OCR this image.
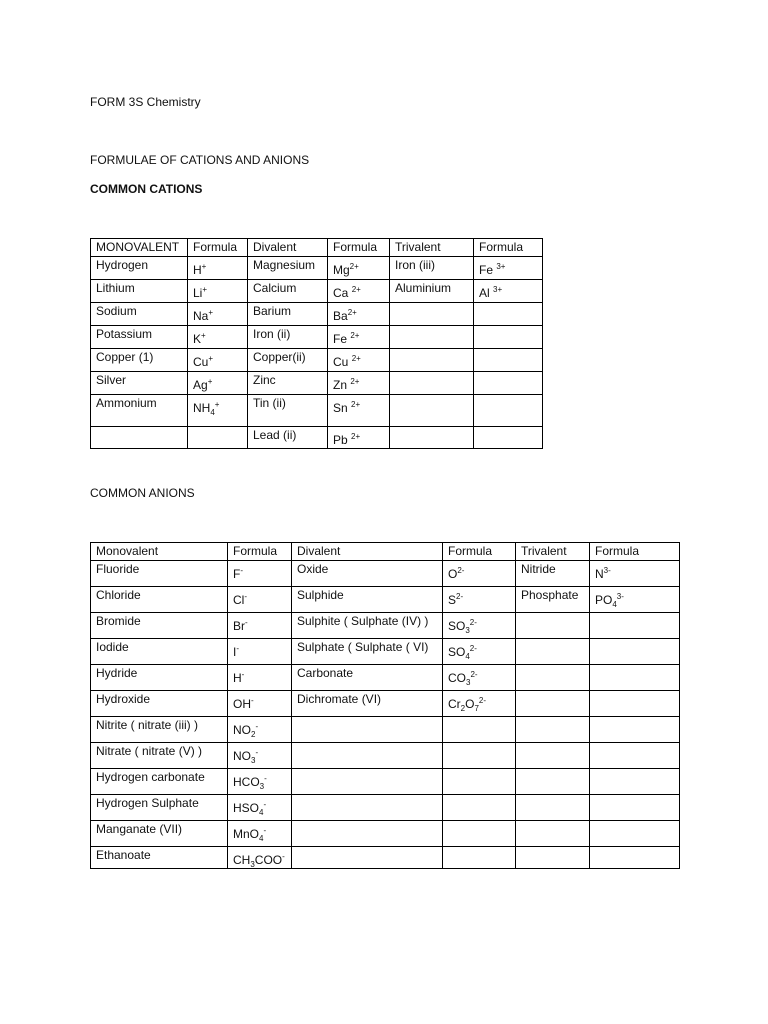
FORM 3S Chemistry
FORMULAE OF CATIONS AND ANIONS
COMMON CATIONS
MONOVALENT	Formula	Divalent	Formula	Trivalent	Formula
Hydrogen	H+	Magnesium	$Mg^{2+}$	Iron (iii)	Fe $^{3+}$
Lithium	Li+	Calcium	Ca $^{2+}$	Aluminium	Al $^{3+}$
Sodium	Na+	Barium	$Ba^{2+}$		
Potassium	K+	Iron (ii)	Fe $^{2+}$		
Copper (1)	Cu+	Copper(ii)	Cu $^{2+}$		
Silver	Ag+	Zinc	Zn $^{2+}$		
Ammonium	$NH_4^+$	Tin (ii)	Sn $^{2+}$		
		Lead (ii)	Pb $^{2+}$		
COMMON ANIONS
Monovalent	Formula	Divalent	Formula	Trivalent	Formula
Fluoride	F-	Oxide	$O^{2-}$	Nitride	$N^{3-}$
Chloride	Cl-	Sulphide	$S^{2-}$	Phosphate	$PO_4^{3-}$
Bromide	Br-	Sulphite ( Sulphate (IV) )	$SO_3^{2-}$		
Iodide	I-	Sulphate ( Sulphate ( VI)	$SO_4^{2-}$		
Hydride	H-	Carbonate	$CO_3^{2-}$		
Hydroxide	OH-	Dichromate (VI)	$Cr_2O_7^{2-}$		
Nitrite ( nitrate (iii) )	$NO_2^-$				
Nitrate ( nitrate (V) )	$NO_3^-$				
Hydrogen carbonate	$HCO_3^-$				
Hydrogen Sulphate	$HSO_4^-$				
Manganate (VII)	MnO$_4$-				
Ethanoate	$CH_3COO^-$				
